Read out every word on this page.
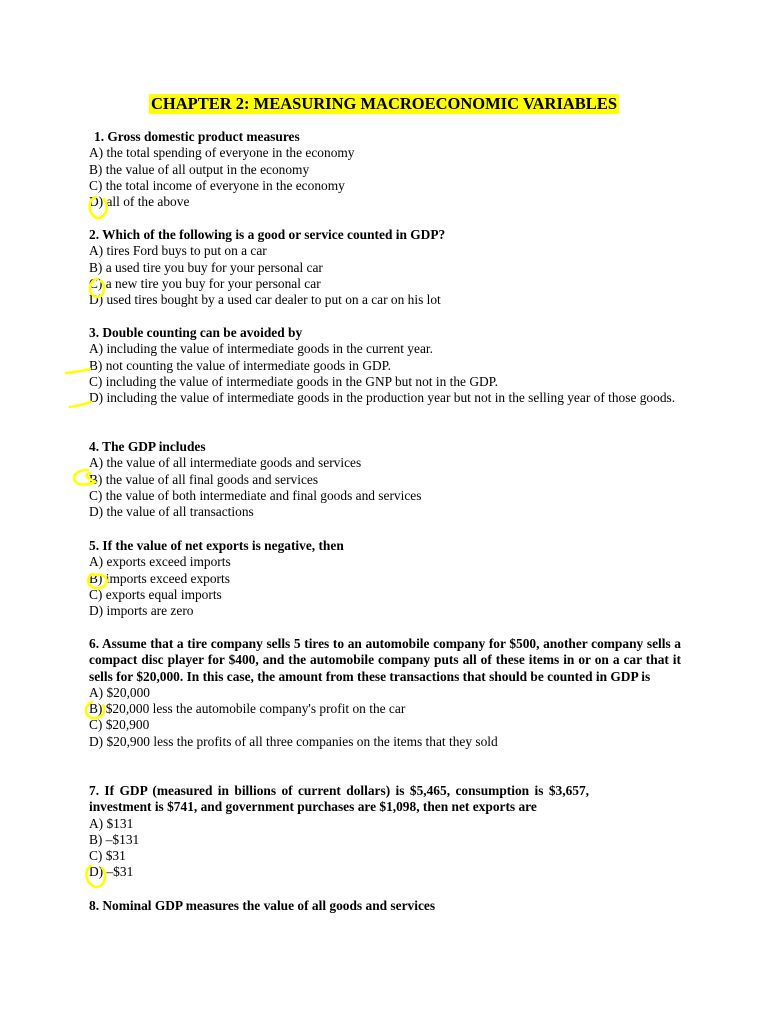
CHAPTER 2: MEASURING MACROECONOMIC VARIABLES
1. Gross domestic product measures
A) the total spending of everyone in the economy
B) the value of all output in the economy
C) the total income of everyone in the economy
D) all of the above
2. Which of the following is a good or service counted in GDP?
A) tires Ford buys to put on a car
B) a used tire you buy for your personal car
C) a new tire you buy for your personal car
D) used tires bought by a used car dealer to put on a car on his lot
3. Double counting can be avoided by
A) including the value of intermediate goods in the current year.
B) not counting the value of intermediate goods in GDP.
C) including the value of intermediate goods in the GNP but not in the GDP.
D) including the value of intermediate goods in the production year but not in the selling year of those goods.
4. The GDP includes
A) the value of all intermediate goods and services
B) the value of all final goods and services
C) the value of both intermediate and final goods and services
D) the value of all transactions
5. If the value of net exports is negative, then
A) exports exceed imports
B) imports exceed exports
C) exports equal imports
D) imports are zero
6. Assume that a tire company sells 5 tires to an automobile company for $500, another company sells a compact disc player for $400, and the automobile company puts all of these items in or on a car that it sells for $20,000. In this case, the amount from these transactions that should be counted in GDP is
A) $20,000
B) $20,000 less the automobile company's profit on the car
C) $20,900
D) $20,900 less the profits of all three companies on the items that they sold
7. If GDP (measured in billions of current dollars) is $5,465, consumption is $3,657, investment is $741, and government purchases are $1,098, then net exports are
A) $131
B) –$131
C) $31
D) –$31
8. Nominal GDP measures the value of all goods and services
